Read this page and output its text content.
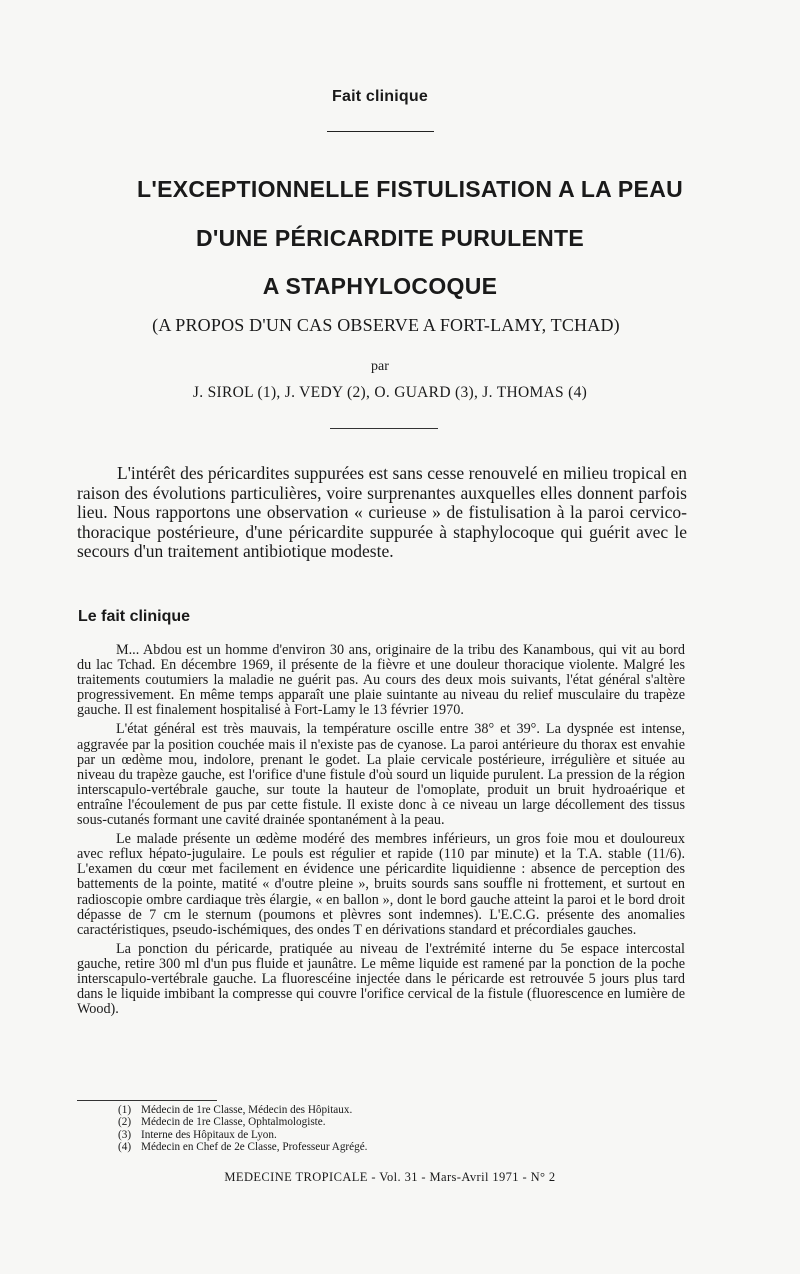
Fait clinique
L'EXCEPTIONNELLE FISTULISATION A LA PEAU
D'UNE PÉRICARDITE PURULENTE
A STAPHYLOCOQUE
(A PROPOS D'UN CAS OBSERVE A FORT-LAMY, TCHAD)
par
J. SIROL (1), J. VEDY (2), O. GUARD (3), J. THOMAS (4)

L'intérêt des péricardites suppurées est sans cesse renouvelé en milieu tropical en raison des évolutions particulières, voire surprenantes auxquelles elles donnent parfois lieu. Nous rapportons une observation « curieuse » de fistulisation à la paroi cervico-thoracique postérieure, d'une péricardite suppurée à staphylocoque qui guérit avec le secours d'un traitement antibiotique modeste.

Le fait clinique

M... Abdou est un homme d'environ 30 ans, originaire de la tribu des Kanambous, qui vit au bord du lac Tchad. En décembre 1969, il présente de la fièvre et une douleur thoracique violente. Malgré les traitements coutumiers la maladie ne guérit pas. Au cours des deux mois suivants, l'état général s'altère progressivement. En même temps apparaît une plaie suintante au niveau du relief musculaire du trapèze gauche. Il est finalement hospitalisé à Fort-Lamy le 13 février 1970.

L'état général est très mauvais, la température oscille entre 38° et 39°. La dyspnée est intense, aggravée par la position couchée mais il n'existe pas de cyanose. La paroi antérieure du thorax est envahie par un œdème mou, indolore, prenant le godet. La plaie cervicale postérieure, irrégulière et située au niveau du trapèze gauche, est l'orifice d'une fistule d'où sourd un liquide purulent. La pression de la région interscapulo-vertébrale gauche, sur toute la hauteur de l'omoplate, produit un bruit hydroaérique et entraîne l'écoulement de pus par cette fistule. Il existe donc à ce niveau un large décollement des tissus sous-cutanés formant une cavité drainée spontanément à la peau.

Le malade présente un œdème modéré des membres inférieurs, un gros foie mou et douloureux avec reflux hépato-jugulaire. Le pouls est régulier et rapide (110 par minute) et la T.A. stable (11/6). L'examen du cœur met facilement en évidence une péricardite liquidienne : absence de perception des battements de la pointe, matité « d'outre pleine », bruits sourds sans souffle ni frottement, et surtout en radioscopie ombre cardiaque très élargie, « en ballon », dont le bord gauche atteint la paroi et le bord droit dépasse de 7 cm le sternum (poumons et plèvres sont indemnes). L'E.C.G. présente des anomalies caractéristiques, pseudo-ischémiques, des ondes T en dérivations standard et précordiales gauches.

La ponction du péricarde, pratiquée au niveau de l'extrémité interne du 5e espace intercostal gauche, retire 300 ml d'un pus fluide et jaunâtre. Le même liquide est ramené par la ponction de la poche interscapulo-vertébrale gauche. La fluorescéine injectée dans le péricarde est retrouvée 5 jours plus tard dans le liquide imbibant la compresse qui couvre l'orifice cervical de la fistule (fluorescence en lumière de Wood).

(1) Médecin de 1re Classe, Médecin des Hôpitaux.
(2) Médecin de 1re Classe, Ophtalmologiste.
(3) Interne des Hôpitaux de Lyon.
(4) Médecin en Chef de 2e Classe, Professeur Agrégé.
MEDECINE TROPICALE - Vol. 31 - Mars-Avril 1971 - N° 2
